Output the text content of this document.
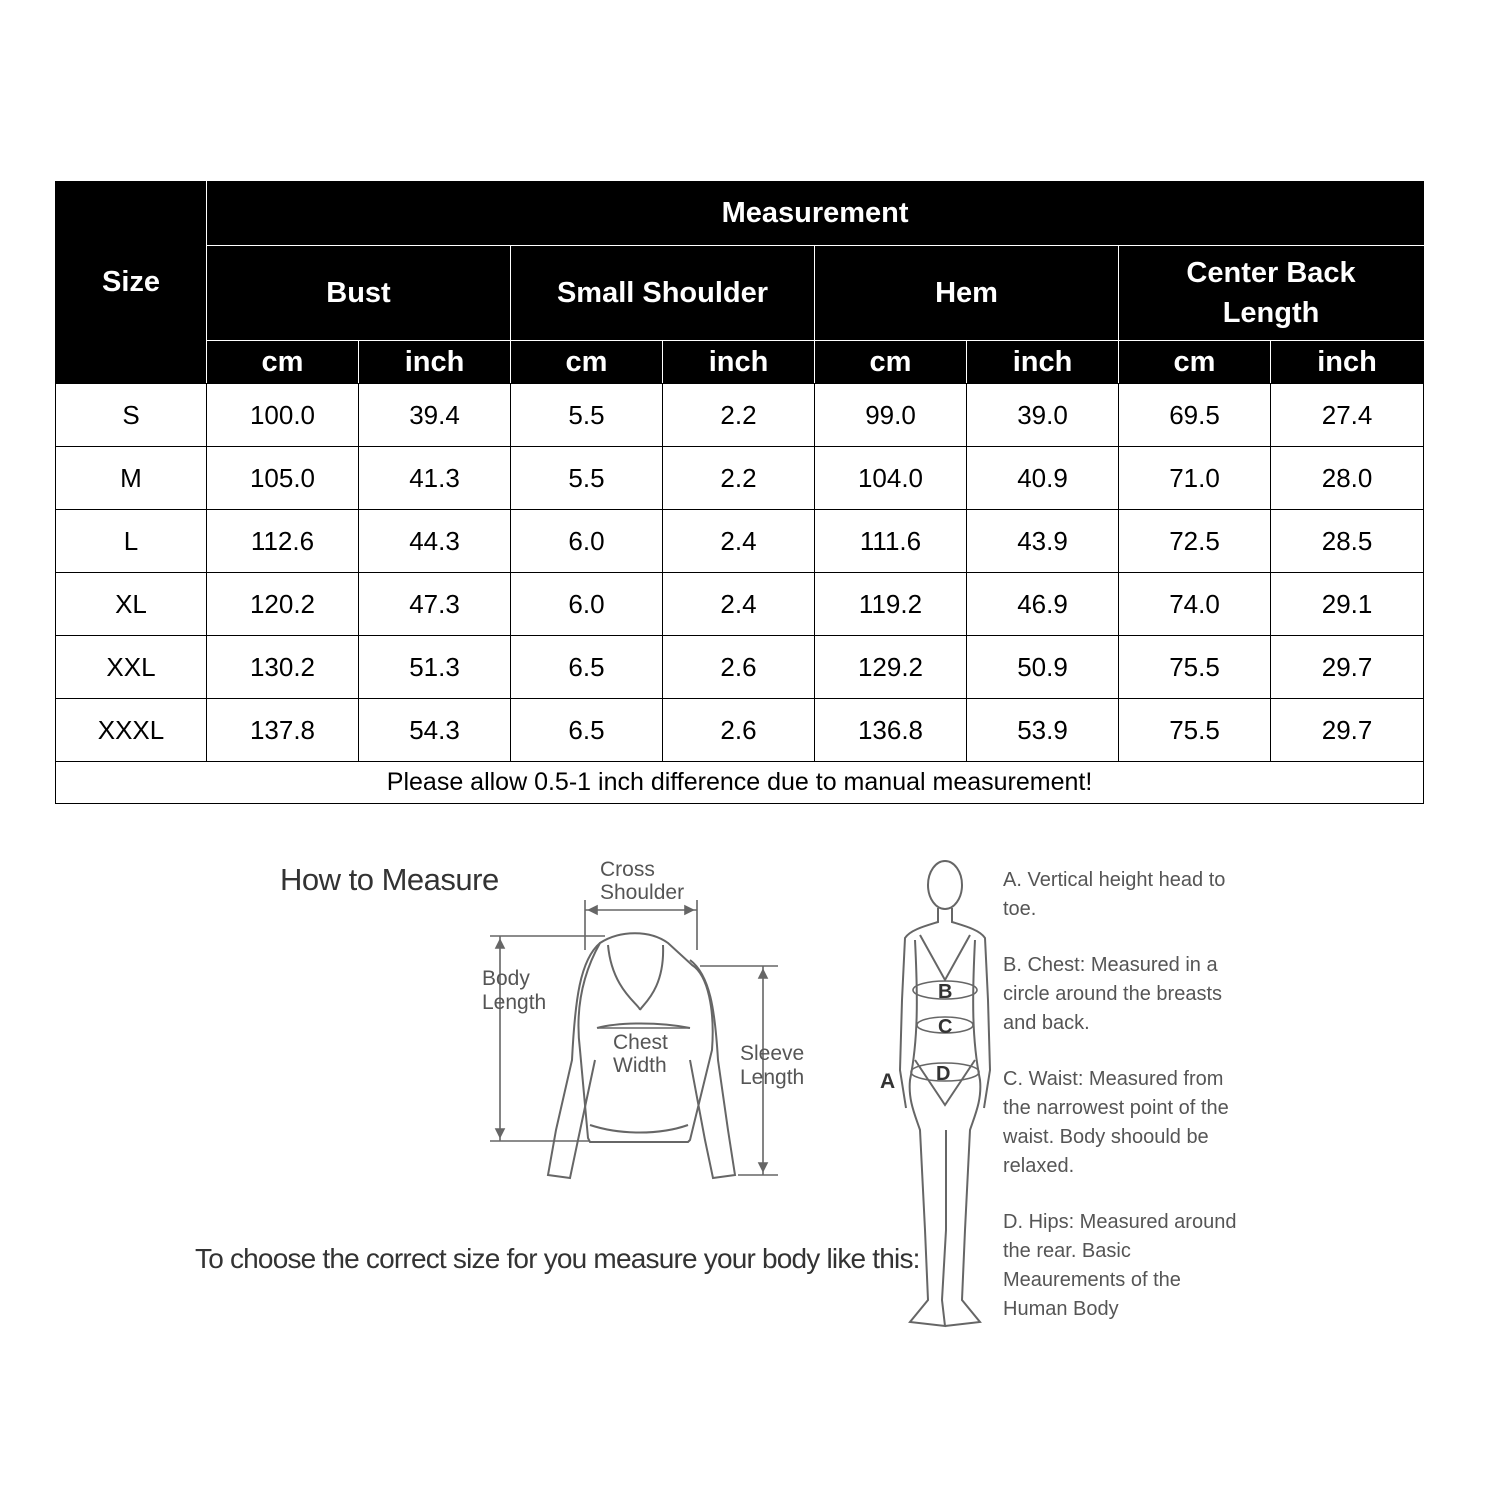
Size	Measurement							
	Bust		Small Shoulder		Hem		Center Back Length	
	cm	inch	cm	inch	cm	inch	cm	inch
S	100.0	39.4	5.5	2.2	99.0	39.0	69.5	27.4
M	105.0	41.3	5.5	2.2	104.0	40.9	71.0	28.0
L	112.6	44.3	6.0	2.4	111.6	43.9	72.5	28.5
XL	120.2	47.3	6.0	2.4	119.2	46.9	74.0	29.1
XXL	130.2	51.3	6.5	2.6	129.2	50.9	75.5	29.7
XXXL	137.8	54.3	6.5	2.6	136.8	53.9	75.5	29.7
Please allow 0.5-1 inch difference due to manual measurement!								
How to Measure
To choose the correct size for you measure your body like this:
Cross
Shoulder
Body
Length
Chest
Width
Sleeve
Length
B
C
D
A
A. Vertical height head to toe.
B. Chest: Measured in a circle around the breasts and back.
C. Waist: Measured from the narrowest point of the waist. Body shoould be relaxed.
D. Hips: Measured around the rear. Basic Meaurements of the Human Body
